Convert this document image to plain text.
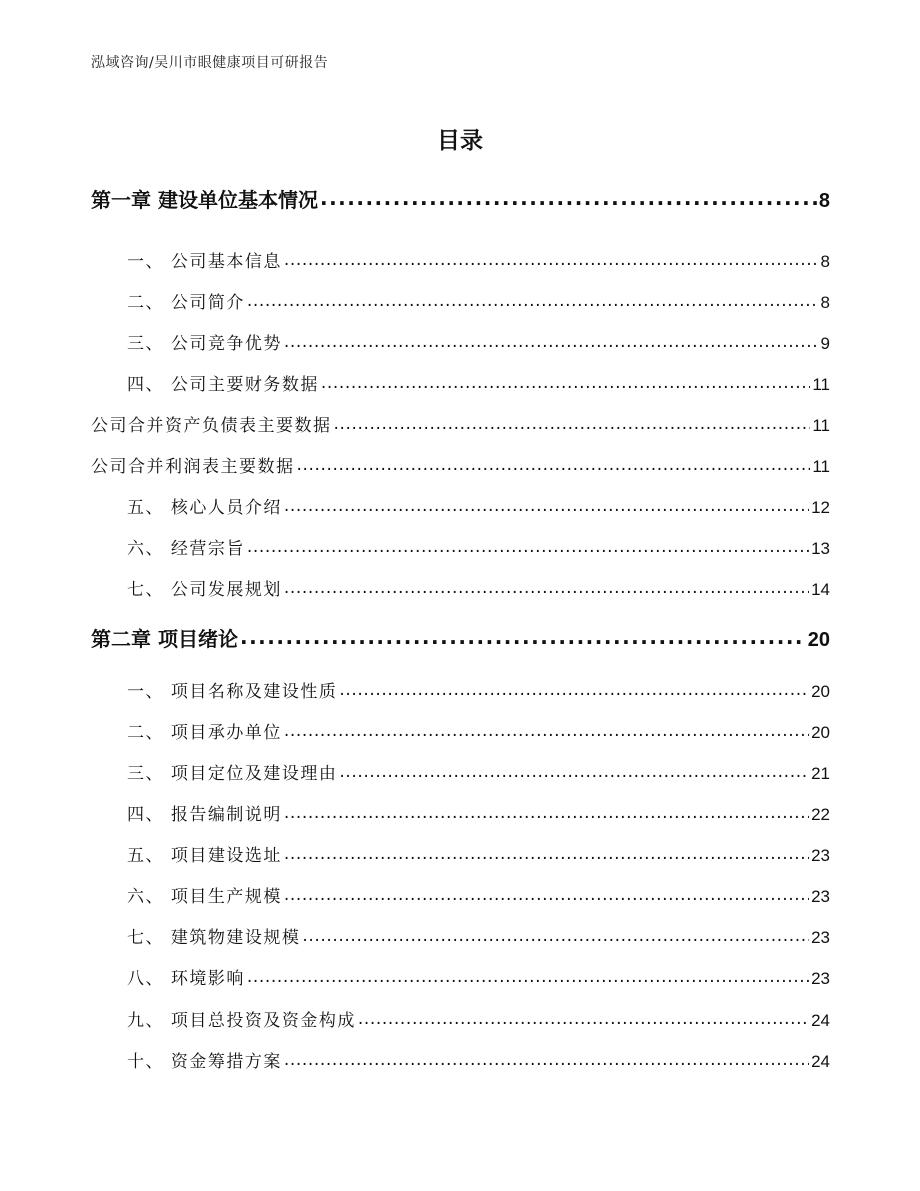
泓域咨询/吴川市眼健康项目可研报告
目录
第一章 建设单位基本情况 .....	8
一、 公司基本信息 .....	8
二、 公司简介 .....	8
三、 公司竞争优势 .....	9
四、 公司主要财务数据 .....	11
公司合并资产负债表主要数据 .....	11
公司合并利润表主要数据 .....	11
五、 核心人员介绍 .....	12
六、 经营宗旨 .....	13
七、 公司发展规划 .....	14
第二章 项目绪论 .....	20
一、 项目名称及建设性质 .....	20
二、 项目承办单位 .....	20
三、 项目定位及建设理由 .....	21
四、 报告编制说明 .....	22
五、 项目建设选址 .....	23
六、 项目生产规模 .....	23
七、 建筑物建设规模 .....	23
八、 环境影响 .....	23
九、 项目总投资及资金构成 .....	24
十、 资金筹措方案 .....	24
